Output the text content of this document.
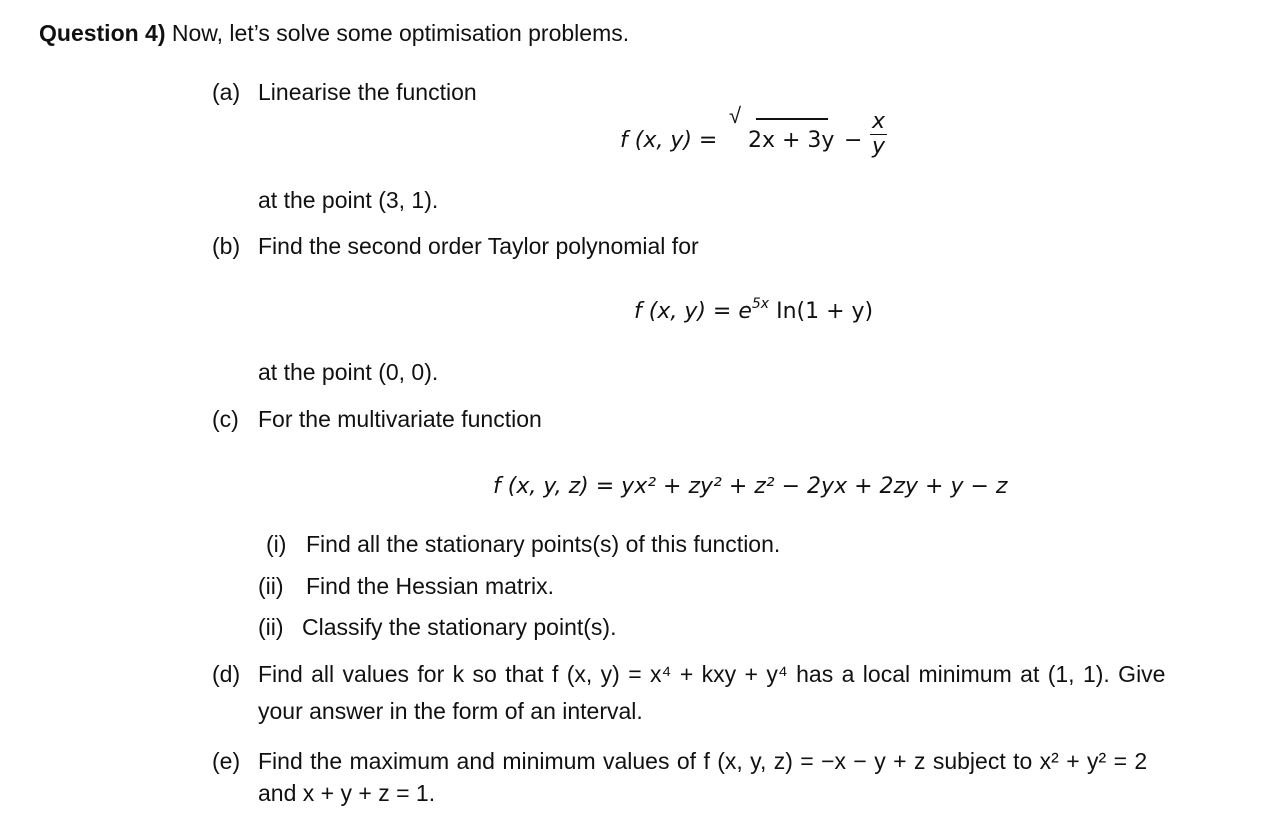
Question 4) Now, let’s solve some optimisation problems.
(a) Linearise the function
f (x, y) =
√
$2x + 3y - \frac{x}{y}$
at the point (3, 1).
(b) Find the second order Taylor polynomial for
f (x, $y) = e^{5x}$ In(1 + y)
at the point (0, 0).
(c) For the multivariate function
f (x, y, z) = yx² + zy² + z² − 2yx + 2zy + y − z
(i) Find all the stationary points(s) of this function.
(ii) Find the Hessian matrix.
(ii) Classify the stationary point(s).
(d) Find all values for k so that f (x, y) = x⁴ + kxy + y⁴ has a local minimum at (1, 1). Give
your answer in the form of an interval.
(e) Find the maximum and minimum values of f (x, y, z) = −x − y + z subject to x² + y² = 2
and x + y + z = 1.
